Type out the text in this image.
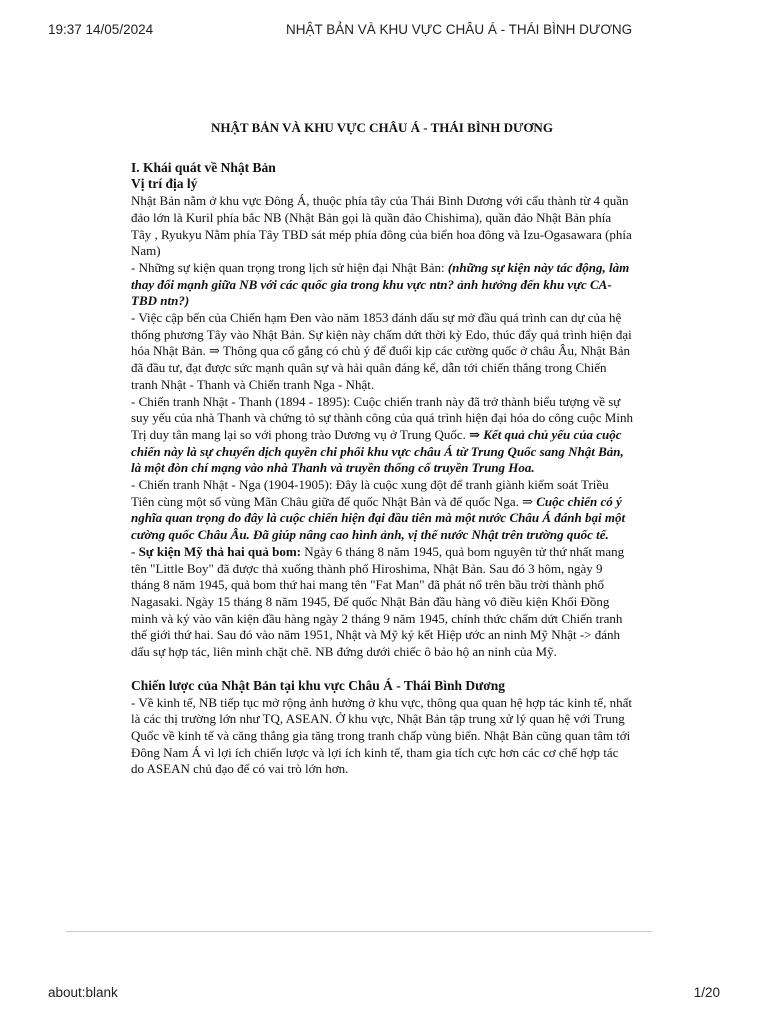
19:37 14/05/2024	NHẬT BẢN VÀ KHU VỰC CHÂU Á - THÁI BÌNH DƯƠNG

NHẬT BẢN VÀ KHU VỰC CHÂU Á - THÁI BÌNH DƯƠNG

I. Khái quát về Nhật Bản

Vị trí địa lý

Nhật Bản nằm ở khu vực Đông Á, thuộc phía tây của Thái Bình Dương với cấu thành từ 4 quần đảo lớn là Kuril phía bắc NB (Nhật Bản gọi là quần đảo Chishima), quần đảo Nhật Bản phía Tây , Ryukyu Nằm phía Tây TBD sát mép phía đông của biển hoa đông và Izu-Ogasawara (phía Nam)

- Những sự kiện quan trọng trong lịch sử hiện đại Nhật Bản: (những sự kiện này tác động, làm thay đổi mạnh giữa NB với các quốc gia trong khu vực ntn? ảnh hưởng đến khu vực CA-TBD ntn?)

- Việc cập bến của Chiến hạm Đen vào năm 1853 đánh dấu sự mở đầu quá trình can dự của hệ thống phương Tây vào Nhật Bản. Sự kiện này chấm dứt thời kỳ Edo, thúc đẩy quá trình hiện đại hóa Nhật Bản. ⇒ Thông qua cố gắng có chủ ý để đuổi kịp các cường quốc ở châu Âu, Nhật Bản đã đầu tư, đạt được sức mạnh quân sự và hải quân đáng kể, dẫn tới chiến thắng trong Chiến tranh Nhật - Thanh và Chiến tranh Nga - Nhật.

- Chiến tranh Nhật - Thanh (1894 - 1895): Cuộc chiến tranh này đã trở thành biểu tượng về sự suy yếu của nhà Thanh và chứng tỏ sự thành công của quá trình hiện đại hóa do công cuộc Minh Trị duy tân mang lại so với phong trào Dương vụ ở Trung Quốc. ⇒ Kết quả chủ yếu của cuộc chiến này là sự chuyển dịch quyền chi phối khu vực châu Á từ Trung Quốc sang Nhật Bản, là một đòn chí mạng vào nhà Thanh và truyền thống cổ truyền Trung Hoa.

- Chiến tranh Nhật - Nga (1904-1905): Đây là cuộc xung đột để tranh giành kiểm soát Triều Tiên cùng một số vùng Mãn Châu giữa đế quốc Nhật Bản và đế quốc Nga. ⇒ Cuộc chiến có ý nghĩa quan trọng do đây là cuộc chiến hiện đại đầu tiên mà một nước Châu Á đánh bại một cường quốc Châu Âu. Đã giúp nâng cao hình ảnh, vị thế nước Nhật trên trường quốc tế.

- Sự kiện Mỹ thả hai quả bom: Ngày 6 tháng 8 năm 1945, quả bom nguyên tử thứ nhất mang tên "Little Boy" đã được thả xuống thành phố Hiroshima, Nhật Bản. Sau đó 3 hôm, ngày 9 tháng 8 năm 1945, quả bom thứ hai mang tên "Fat Man" đã phát nổ trên bầu trời thành phố Nagasaki. Ngày 15 tháng 8 năm 1945, Đế quốc Nhật Bản đầu hàng vô điều kiện Khối Đồng minh và ký vào văn kiện đầu hàng ngày 2 tháng 9 năm 1945, chính thức chấm dứt Chiến tranh thế giới thứ hai. Sau đó vào năm 1951, Nhật và Mỹ ký kết Hiệp ước an ninh Mỹ Nhật -> đánh dấu sự hợp tác, liên minh chặt chẽ. NB đứng dưới chiếc ô bảo hộ an ninh của Mỹ.

Chiến lược của Nhật Bản tại khu vực Châu Á - Thái Bình Dương

- Về kinh tế, NB tiếp tục mở rộng ảnh hưởng ở khu vực, thông qua quan hệ hợp tác kinh tế, nhất là các thị trường lớn như TQ, ASEAN. Ở khu vực, Nhật Bản tập trung xử lý quan hệ với Trung Quốc về kinh tế và căng thẳng gia tăng trong tranh chấp vùng biển. Nhật Bản cũng quan tâm tới Đông Nam Á vì lợi ích chiến lược và lợi ích kinh tế, tham gia tích cực hơn các cơ chế hợp tác do ASEAN chủ đạo để có vai trò lớn hơn.

about:blank	1/20
